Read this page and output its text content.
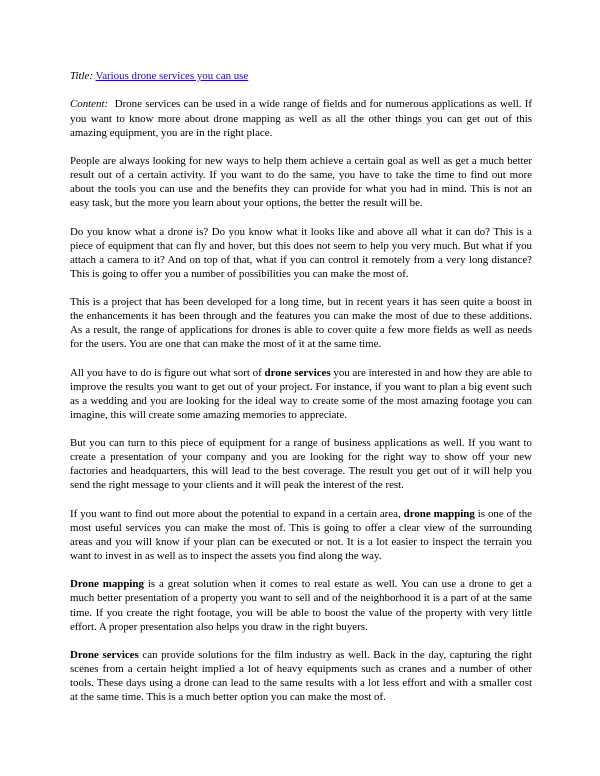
Title: Various drone services you can use

Content: Drone services can be used in a wide range of fields and for numerous applications as well. If you want to know more about drone mapping as well as all the other things you can get out of this amazing equipment, you are in the right place.

People are always looking for new ways to help them achieve a certain goal as well as get a much better result out of a certain activity. If you want to do the same, you have to take the time to find out more about the tools you can use and the benefits they can provide for what you had in mind. This is not an easy task, but the more you learn about your options, the better the result will be.

Do you know what a drone is? Do you know what it looks like and above all what it can do? This is a piece of equipment that can fly and hover, but this does not seem to help you very much. But what if you attach a camera to it? And on top of that, what if you can control it remotely from a very long distance? This is going to offer you a number of possibilities you can make the most of.

This is a project that has been developed for a long time, but in recent years it has seen quite a boost in the enhancements it has been through and the features you can make the most of due to these additions. As a result, the range of applications for drones is able to cover quite a few more fields as well as needs for the users. You are one that can make the most of it at the same time.

All you have to do is figure out what sort of drone services you are interested in and how they are able to improve the results you want to get out of your project. For instance, if you want to plan a big event such as a wedding and you are looking for the ideal way to create some of the most amazing footage you can imagine, this will create some amazing memories to appreciate.

But you can turn to this piece of equipment for a range of business applications as well. If you want to create a presentation of your company and you are looking for the right way to show off your new factories and headquarters, this will lead to the best coverage. The result you get out of it will help you send the right message to your clients and it will peak the interest of the rest.

If you want to find out more about the potential to expand in a certain area, drone mapping is one of the most useful services you can make the most of. This is going to offer a clear view of the surrounding areas and you will know if your plan can be executed or not. It is a lot easier to inspect the terrain you want to invest in as well as to inspect the assets you find along the way.

Drone mapping is a great solution when it comes to real estate as well. You can use a drone to get a much better presentation of a property you want to sell and of the neighborhood it is a part of at the same time. If you create the right footage, you will be able to boost the value of the property with very little effort. A proper presentation also helps you draw in the right buyers.

Drone services can provide solutions for the film industry as well. Back in the day, capturing the right scenes from a certain height implied a lot of heavy equipments such as cranes and a number of other tools. These days using a drone can lead to the same results with a lot less effort and with a smaller cost at the same time. This is a much better option you can make the most of.
